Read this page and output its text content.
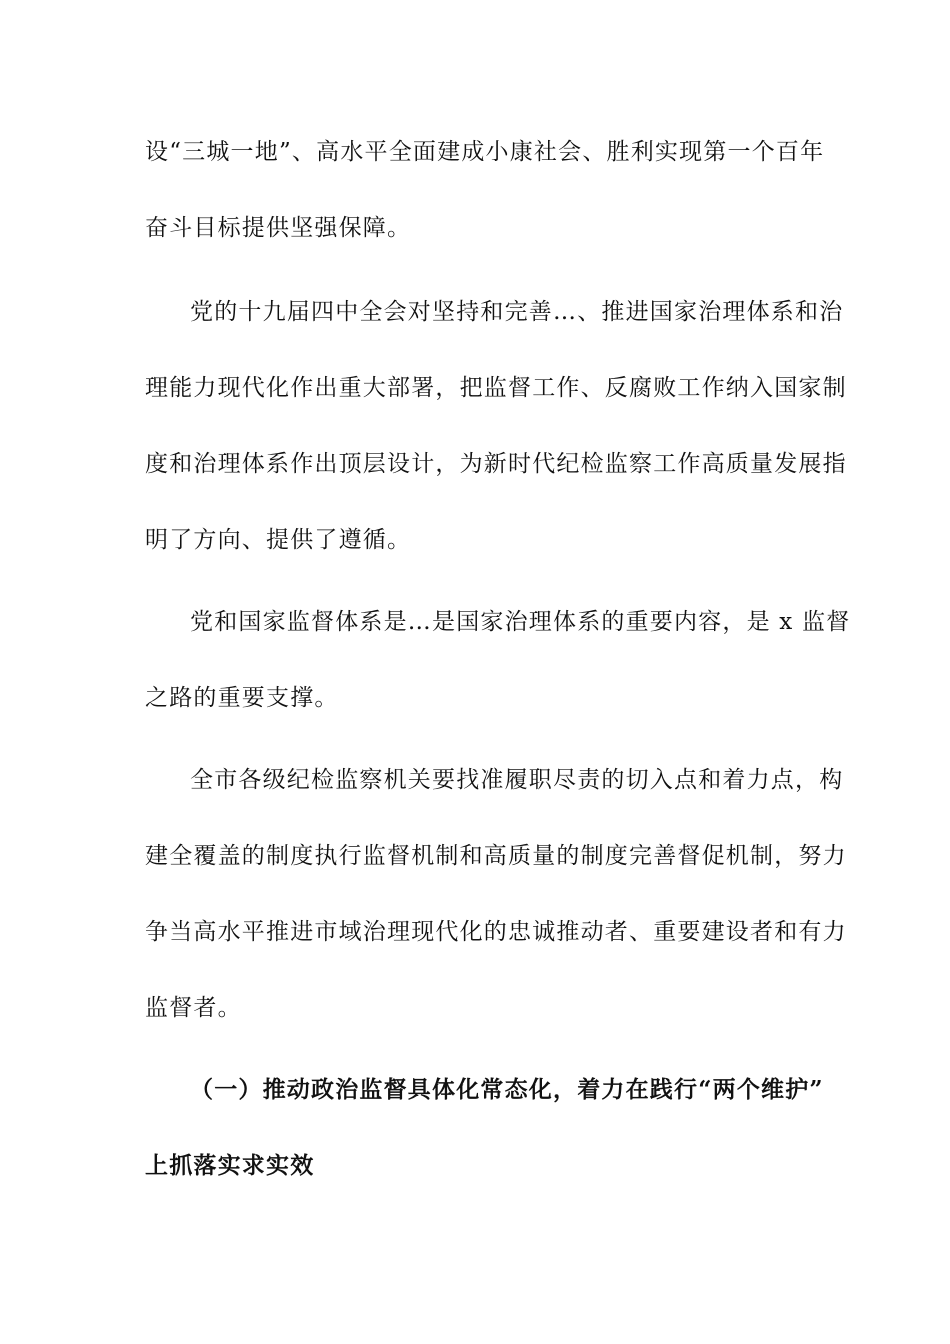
设“三城一地”、高水平全面建成小康社会、胜利实现第一个百年
奋斗目标提供坚强保障。
党的十九届四中全会对坚持和完善…、推进国家治理体系和治
理能力现代化作出重大部署，把监督工作、反腐败工作纳入国家制
度和治理体系作出顶层设计，为新时代纪检监察工作高质量发展指
明了方向、提供了遵循。
党和国家监督体系是…是国家治理体系的重要内容，是 x 监督
之路的重要支撑。
全市各级纪检监察机关要找准履职尽责的切入点和着力点，构
建全覆盖的制度执行监督机制和高质量的制度完善督促机制，努力
争当高水平推进市域治理现代化的忠诚推动者、重要建设者和有力
监督者。
（一）推动政治监督具体化常态化，着力在践行“两个维护”
上抓落实求实效
